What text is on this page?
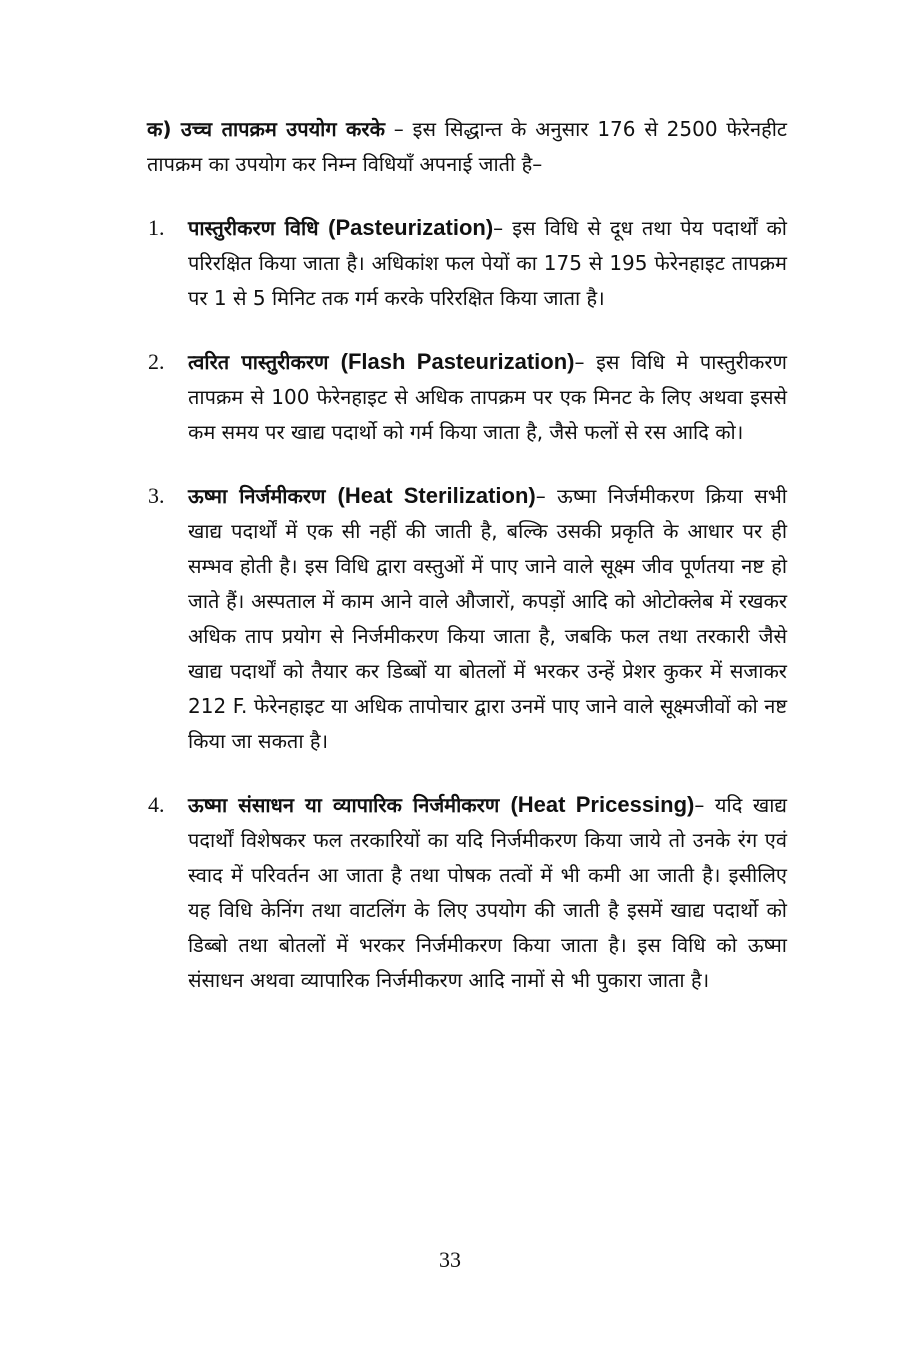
क) उच्च तापक्रम उपयोग करके – इस सिद्धान्त के अनुसार 176 से 2500 फेरेनहीट तापक्रम का उपयोग कर निम्न विधियाँ अपनाई जाती है–

1. पास्तुरीकरण विधि (Pasteurization)– इस विधि से दूध तथा पेय पदार्थों को परिरक्षित किया जाता है। अधिकांश फल पेयों का 175 से 195 फेरेनहाइट तापक्रम पर 1 से 5 मिनिट तक गर्म करके परिरक्षित किया जाता है।
2. त्वरित पास्तुरीकरण (Flash Pasteurization)– इस विधि मे पास्तुरीकरण तापक्रम से 100 फेरेनहाइट से अधिक तापक्रम पर एक मिनट के लिए अथवा इससे कम समय पर खाद्य पदार्थो को गर्म किया जाता है, जैसे फलों से रस आदि को।
3. ऊष्मा निर्जमीकरण (Heat Sterilization)– ऊष्मा निर्जमीकरण क्रिया सभी खाद्य पदार्थों में एक सी नहीं की जाती है, बल्कि उसकी प्रकृति के आधार पर ही सम्भव होती है। इस विधि द्वारा वस्तुओं में पाए जाने वाले सूक्ष्म जीव पूर्णतया नष्ट हो जाते हैं। अस्पताल में काम आने वाले औजारों, कपड़ों आदि को ओटोक्लेब में रखकर अधिक ताप प्रयोग से निर्जमीकरण किया जाता है, जबकि फल तथा तरकारी जैसे खाद्य पदार्थों को तैयार कर डिब्बों या बोतलों में भरकर उन्हें प्रेशर कुकर में सजाकर 212 F. फेरेनहाइट या अधिक तापोचार द्वारा उनमें पाए जाने वाले सूक्ष्मजीवों को नष्ट किया जा सकता है।
4. ऊष्मा संसाधन या व्यापारिक निर्जमीकरण (Heat Pricessing)– यदि खाद्य पदार्थों विशेषकर फल तरकारियों का यदि निर्जमीकरण किया जाये तो उनके रंग एवं स्वाद में परिवर्तन आ जाता है तथा पोषक तत्वों में भी कमी आ जाती है। इसीलिए यह विधि केनिंग तथा वाटलिंग के लिए उपयोग की जाती है इसमें खाद्य पदार्थो को डिब्बो तथा बोतलों में भरकर निर्जमीकरण किया जाता है। इस विधि को ऊष्मा संसाधन अथवा व्यापारिक निर्जमीकरण आदि नामों से भी पुकारा जाता है।
33
